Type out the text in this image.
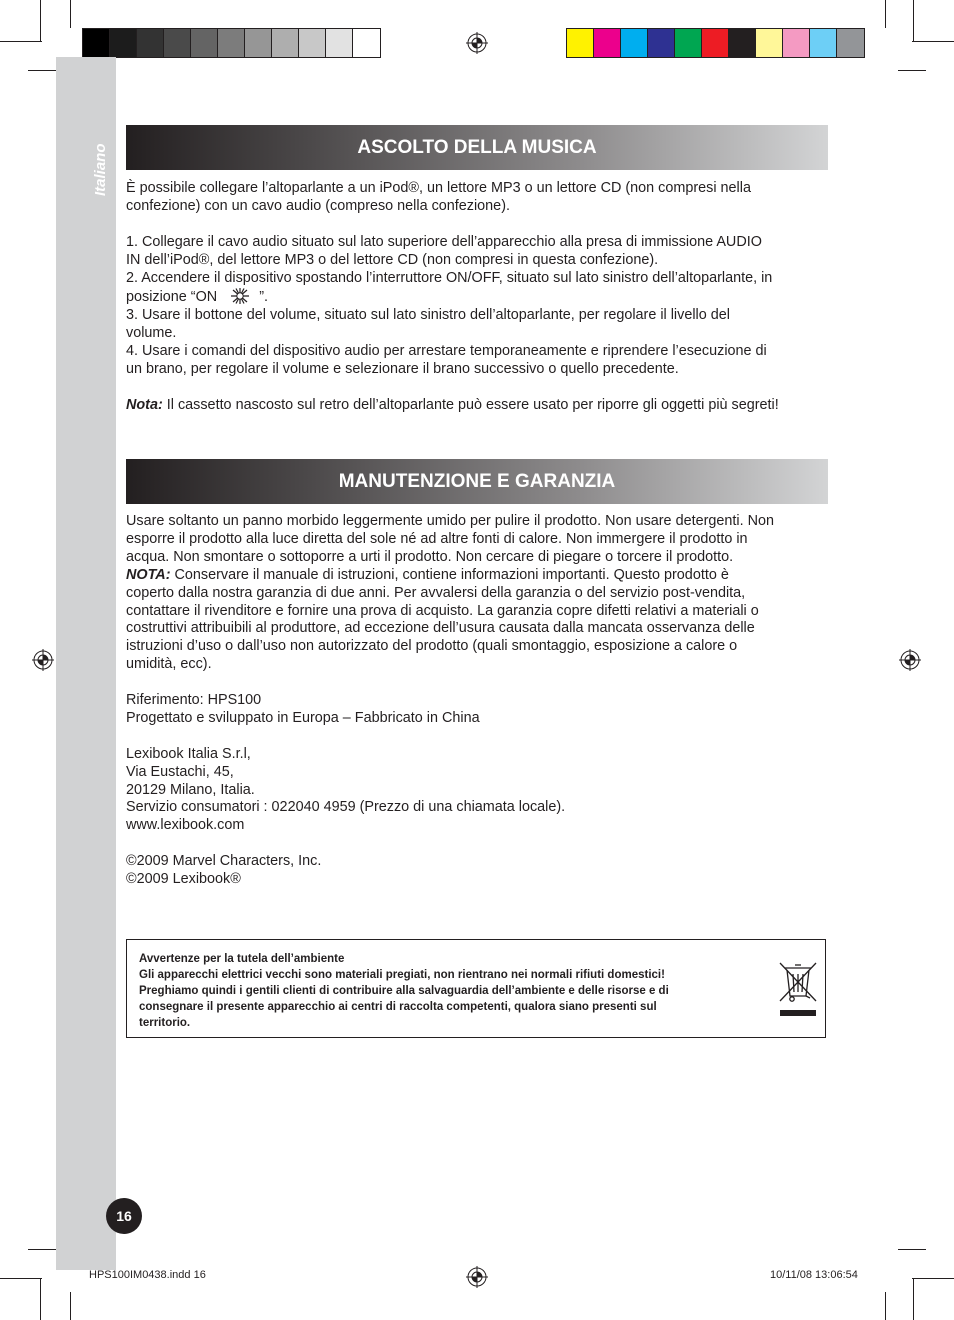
Italiano	ASCOLTO DELLA MUSICA

È possibile collegare l’altoparlante a un iPod®, un lettore MP3 o un lettore CD (non compresi nella

confezione) con un cavo audio (compreso nella confezione).

1. Collegare il cavo audio situato sul lato superiore dell’apparecchio alla presa di immissione AUDIO

IN dell’iPod®, del lettore MP3 o del lettore CD (non compresi in questa confezione).

2. Accendere il dispositivo spostando l’interruttore ON/OFF, situato sul lato sinistro dell’altoparlante, in

posizione “ON	”.

3. Usare il bottone del volume, situato sul lato sinistro dell’altoparlante, per regolare il livello del

volume.

4. Usare i comandi del dispositivo audio per arrestare temporaneamente e riprendere l’esecuzione di

un brano, per regolare il volume e selezionare il brano successivo o quello precedente.

Nota: Il cassetto nascosto sul retro dell’altoparlante può essere usato per riporre gli oggetti più segreti!

MANUTENZIONE E GARANZIA

Usare soltanto un panno morbido leggermente umido per pulire il prodotto. Non usare detergenti. Non

esporre il prodotto alla luce diretta del sole né ad altre fonti di calore. Non immergere il prodotto in

acqua. Non smontare o sottoporre a urti il prodotto. Non cercare di piegare o torcere il prodotto.

NOTA: Conservare il manuale di istruzioni, contiene informazioni importanti. Questo prodotto è

coperto dalla nostra garanzia di due anni. Per avvalersi della garanzia o del servizio post-vendita,

contattare il rivenditore e fornire una prova di acquisto. La garanzia copre difetti relativi a materiali o

costruttivi attribuibili al produttore, ad eccezione dell’usura causata dalla mancata osservanza delle

istruzioni d’uso o dall’uso non autorizzato del prodotto (quali smontaggio, esposizione a calore o

umidità, ecc).

Riferimento: HPS100

Progettato e sviluppato in Europa – Fabbricato in China

Lexibook Italia S.r.l,

Via Eustachi, 45,

20129 Milano, Italia.

Servizio consumatori : 022040 4959 (Prezzo di una chiamata locale).

www.lexibook.com

©2009 Marvel Characters, Inc.

©2009 Lexibook®

Avvertenze per la tutela dell’ambiente

Gli apparecchi elettrici vecchi sono materiali pregiati, non rientrano nei normali rifiuti domestici!

Preghiamo quindi i gentili clienti di contribuire alla salvaguardia dell’ambiente e delle risorse e di

consegnare il presente apparecchio ai centri di raccolta competenti, qualora siano presenti sul

territorio.

16
HPS100IM0438.indd 16	10/11/08 13:06:54
